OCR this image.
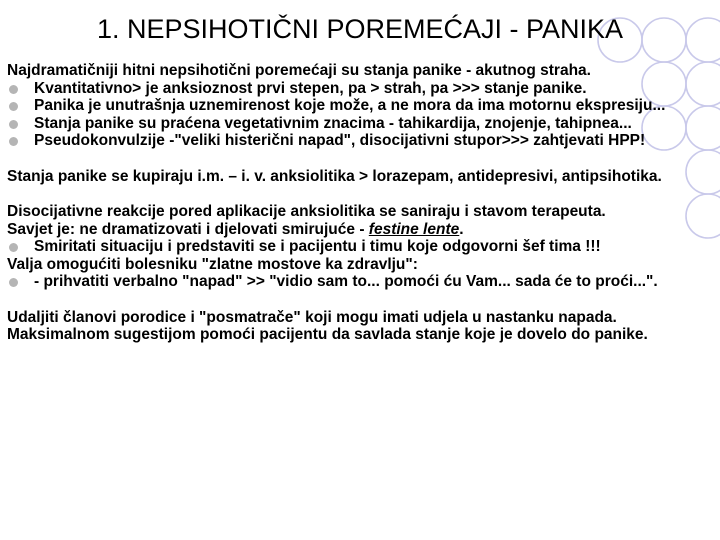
1. NEPSIHOTIČNI POREMEĆAJI - PANIKA

Najdramatičniji hitni nepsihotični poremećaji su stanja panike - akutnog straha.

Kvantitativno> je anksioznost prvi stepen, pa > strah, pa >>> stanje panike.

Panika je unutrašnja uznemirenost koje može, a ne mora da ima motornu ekspresiju...

Stanja panike su praćena vegetativnim znacima - tahikardija, znojenje, tahipnea...

Pseudokonvulzije -"veliki histerični napad", disocijativni stupor>>> zahtjevati HPP!

Stanja panike se kupiraju i.m. – i. v. anksiolitika > lorazepam, antidepresivi, antipsihotika.

Disocijativne reakcije pored aplikacije anksiolitika se saniraju i stavom terapeuta.

Savjet je: ne dramatizovati i djelovati smirujuće - festine lente.

Smiritati situaciju i predstaviti se i pacijentu i timu koje odgovorni šef tima !!!

Valja omogućiti bolesniku "zlatne mostove ka zdravlju":

- prihvatiti verbalno "napad" >> "vidio sam to... pomoći ću Vam... sada će to proći...".

Udaljiti članovi porodice i "posmatrače" koji mogu imati udjela u nastanku napada.

Maksimalnom sugestijom pomoći pacijentu da savlada stanje koje je dovelo do panike.
